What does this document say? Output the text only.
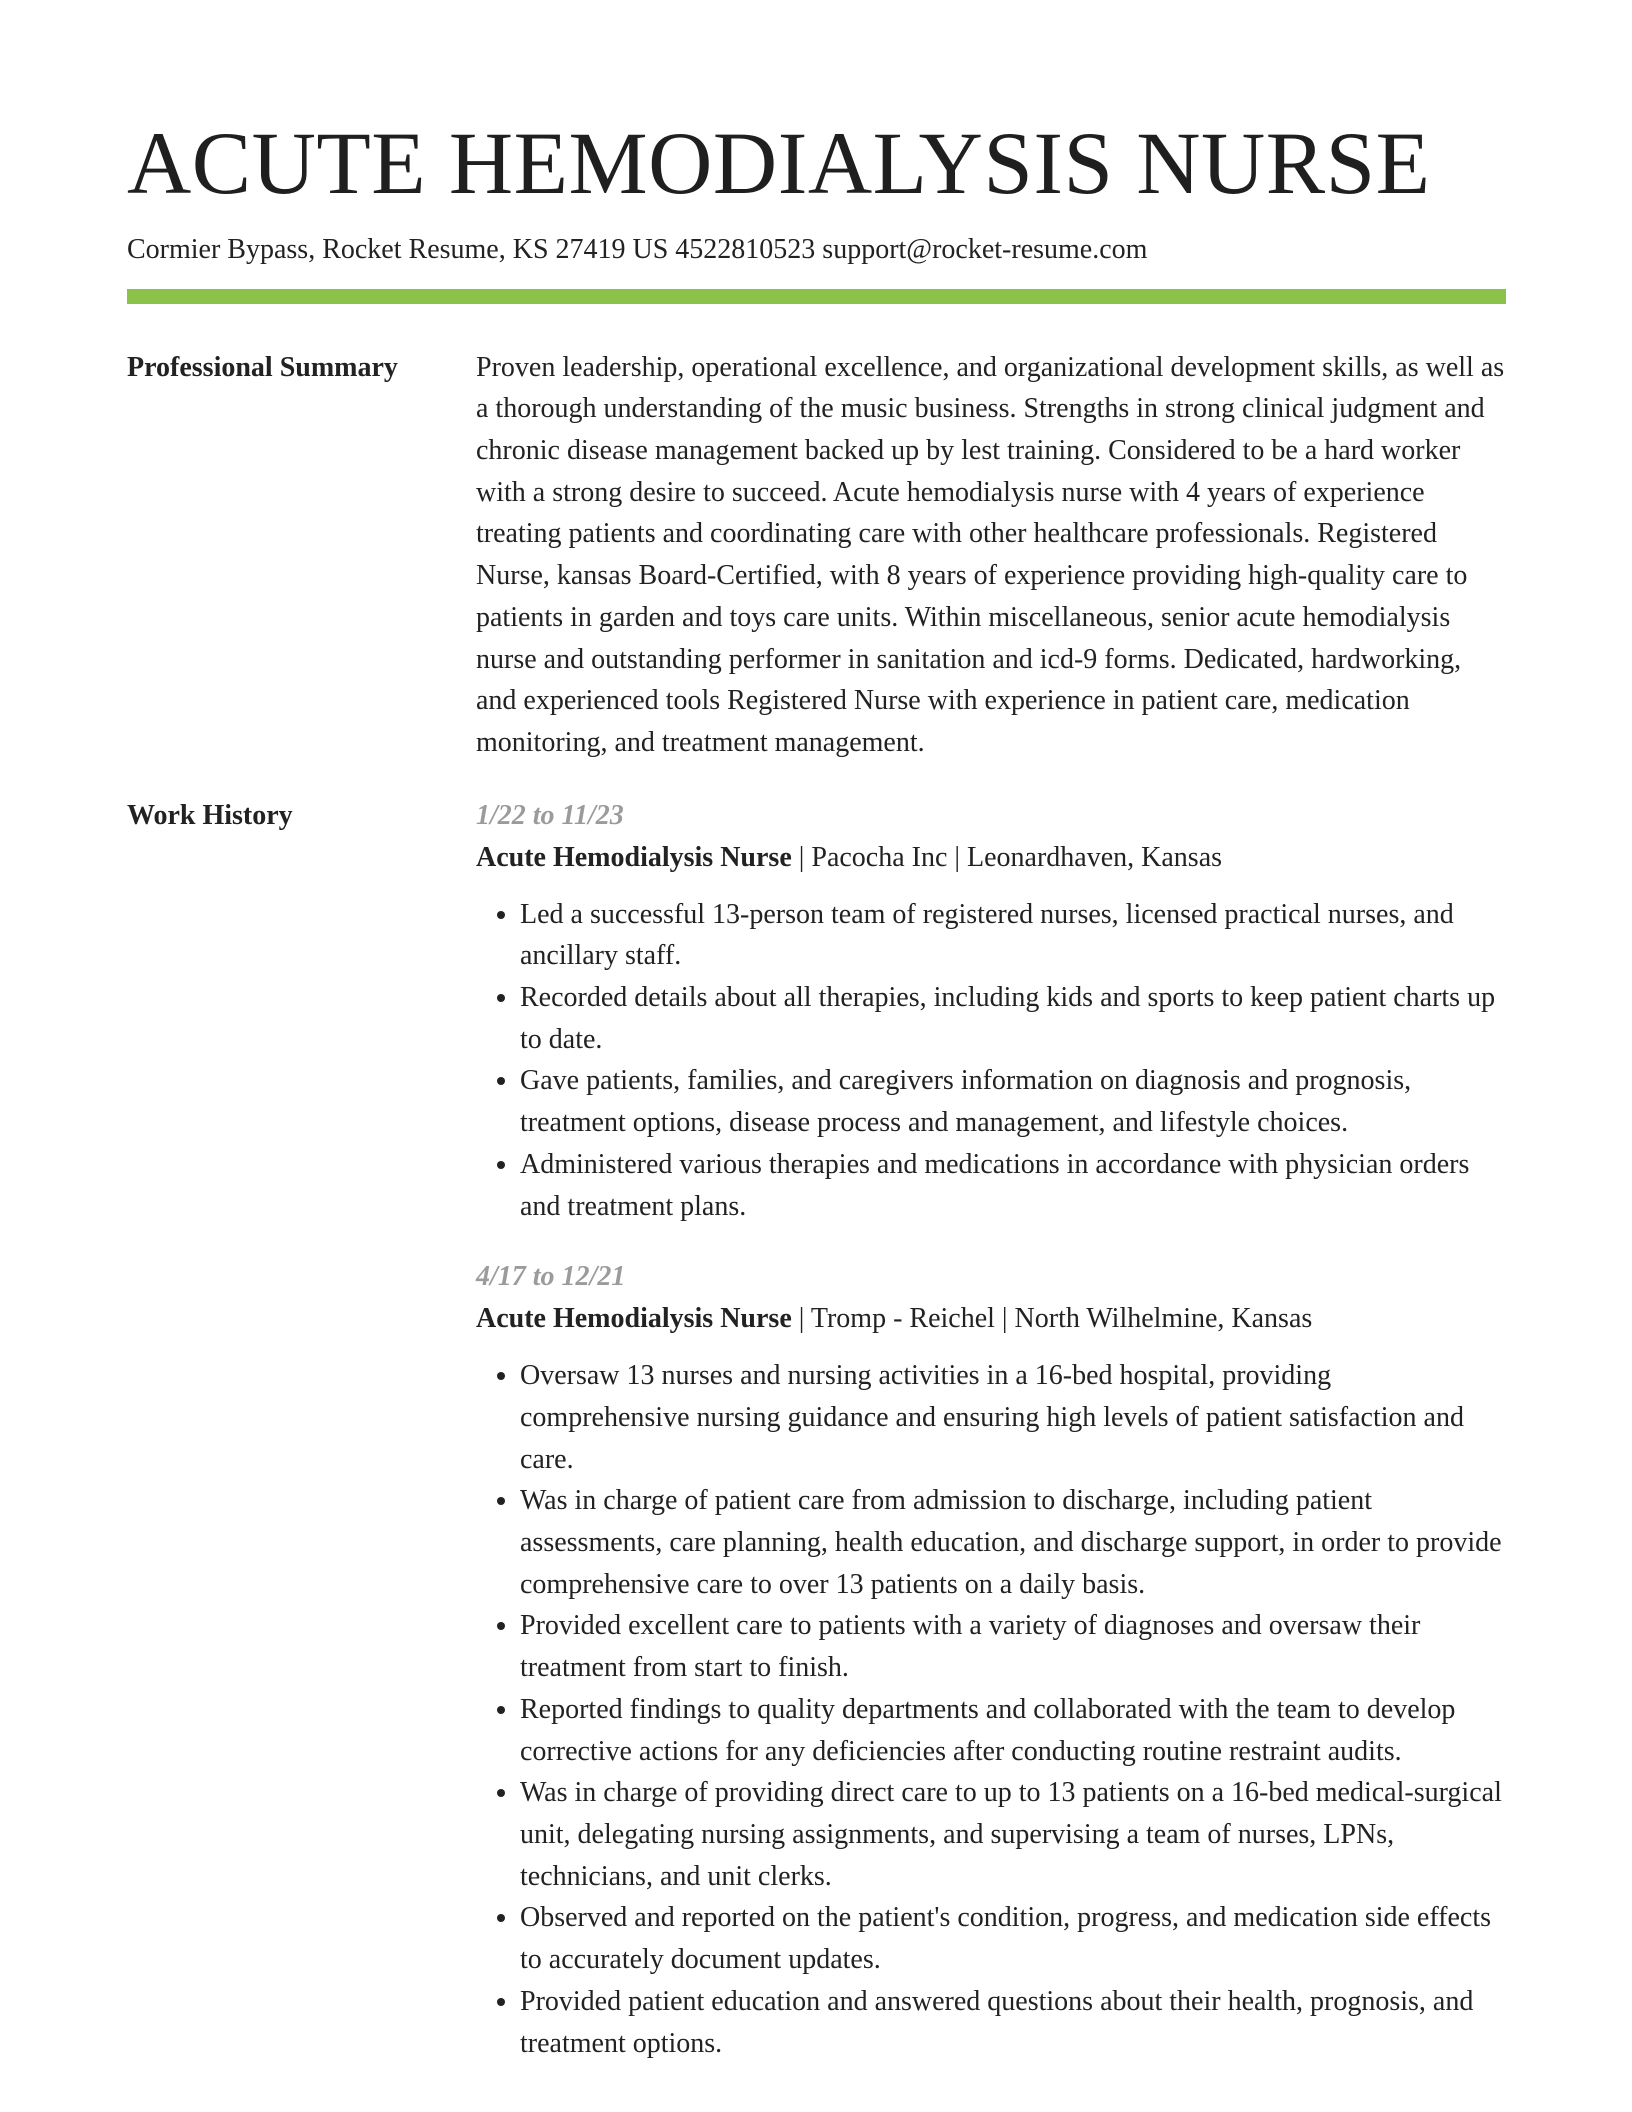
ACUTE HEMODIALYSIS NURSE
Cormier Bypass, Rocket Resume, KS 27419 US 4522810523 support@rocket-resume.com
Professional Summary	Proven leadership, operational excellence, and organizational development skills, as well as a thorough understanding of the music business. Strengths in strong clinical judgment and chronic disease management backed up by lest training. Considered to be a hard worker with a strong desire to succeed. Acute hemodialysis nurse with 4 years of experience treating patients and coordinating care with other healthcare professionals. Registered Nurse, kansas Board-Certified, with 8 years of experience providing high-quality care to patients in garden and toys care units. Within miscellaneous, senior acute hemodialysis nurse and outstanding performer in sanitation and icd-9 forms. Dedicated, hardworking, and experienced tools Registered Nurse with experience in patient care, medication monitoring, and treatment management.
Work History	1/22 to 11/23
Acute Hemodialysis Nurse | Pacocha Inc | Leonardhaven, Kansas
• Led a successful 13-person team of registered nurses, licensed practical nurses, and ancillary staff.
• Recorded details about all therapies, including kids and sports to keep patient charts up to date.
• Gave patients, families, and caregivers information on diagnosis and prognosis, treatment options, disease process and management, and lifestyle choices.
• Administered various therapies and medications in accordance with physician orders and treatment plans.
4/17 to 12/21
Acute Hemodialysis Nurse | Tromp - Reichel | North Wilhelmine, Kansas
• Oversaw 13 nurses and nursing activities in a 16-bed hospital, providing comprehensive nursing guidance and ensuring high levels of patient satisfaction and care.
• Was in charge of patient care from admission to discharge, including patient assessments, care planning, health education, and discharge support, in order to provide comprehensive care to over 13 patients on a daily basis.
• Provided excellent care to patients with a variety of diagnoses and oversaw their treatment from start to finish.
• Reported findings to quality departments and collaborated with the team to develop corrective actions for any deficiencies after conducting routine restraint audits.
• Was in charge of providing direct care to up to 13 patients on a 16-bed medical-surgical unit, delegating nursing assignments, and supervising a team of nurses, LPNs, technicians, and unit clerks.
• Observed and reported on the patient's condition, progress, and medication side effects to accurately document updates.
• Provided patient education and answered questions about their health, prognosis, and treatment options.
